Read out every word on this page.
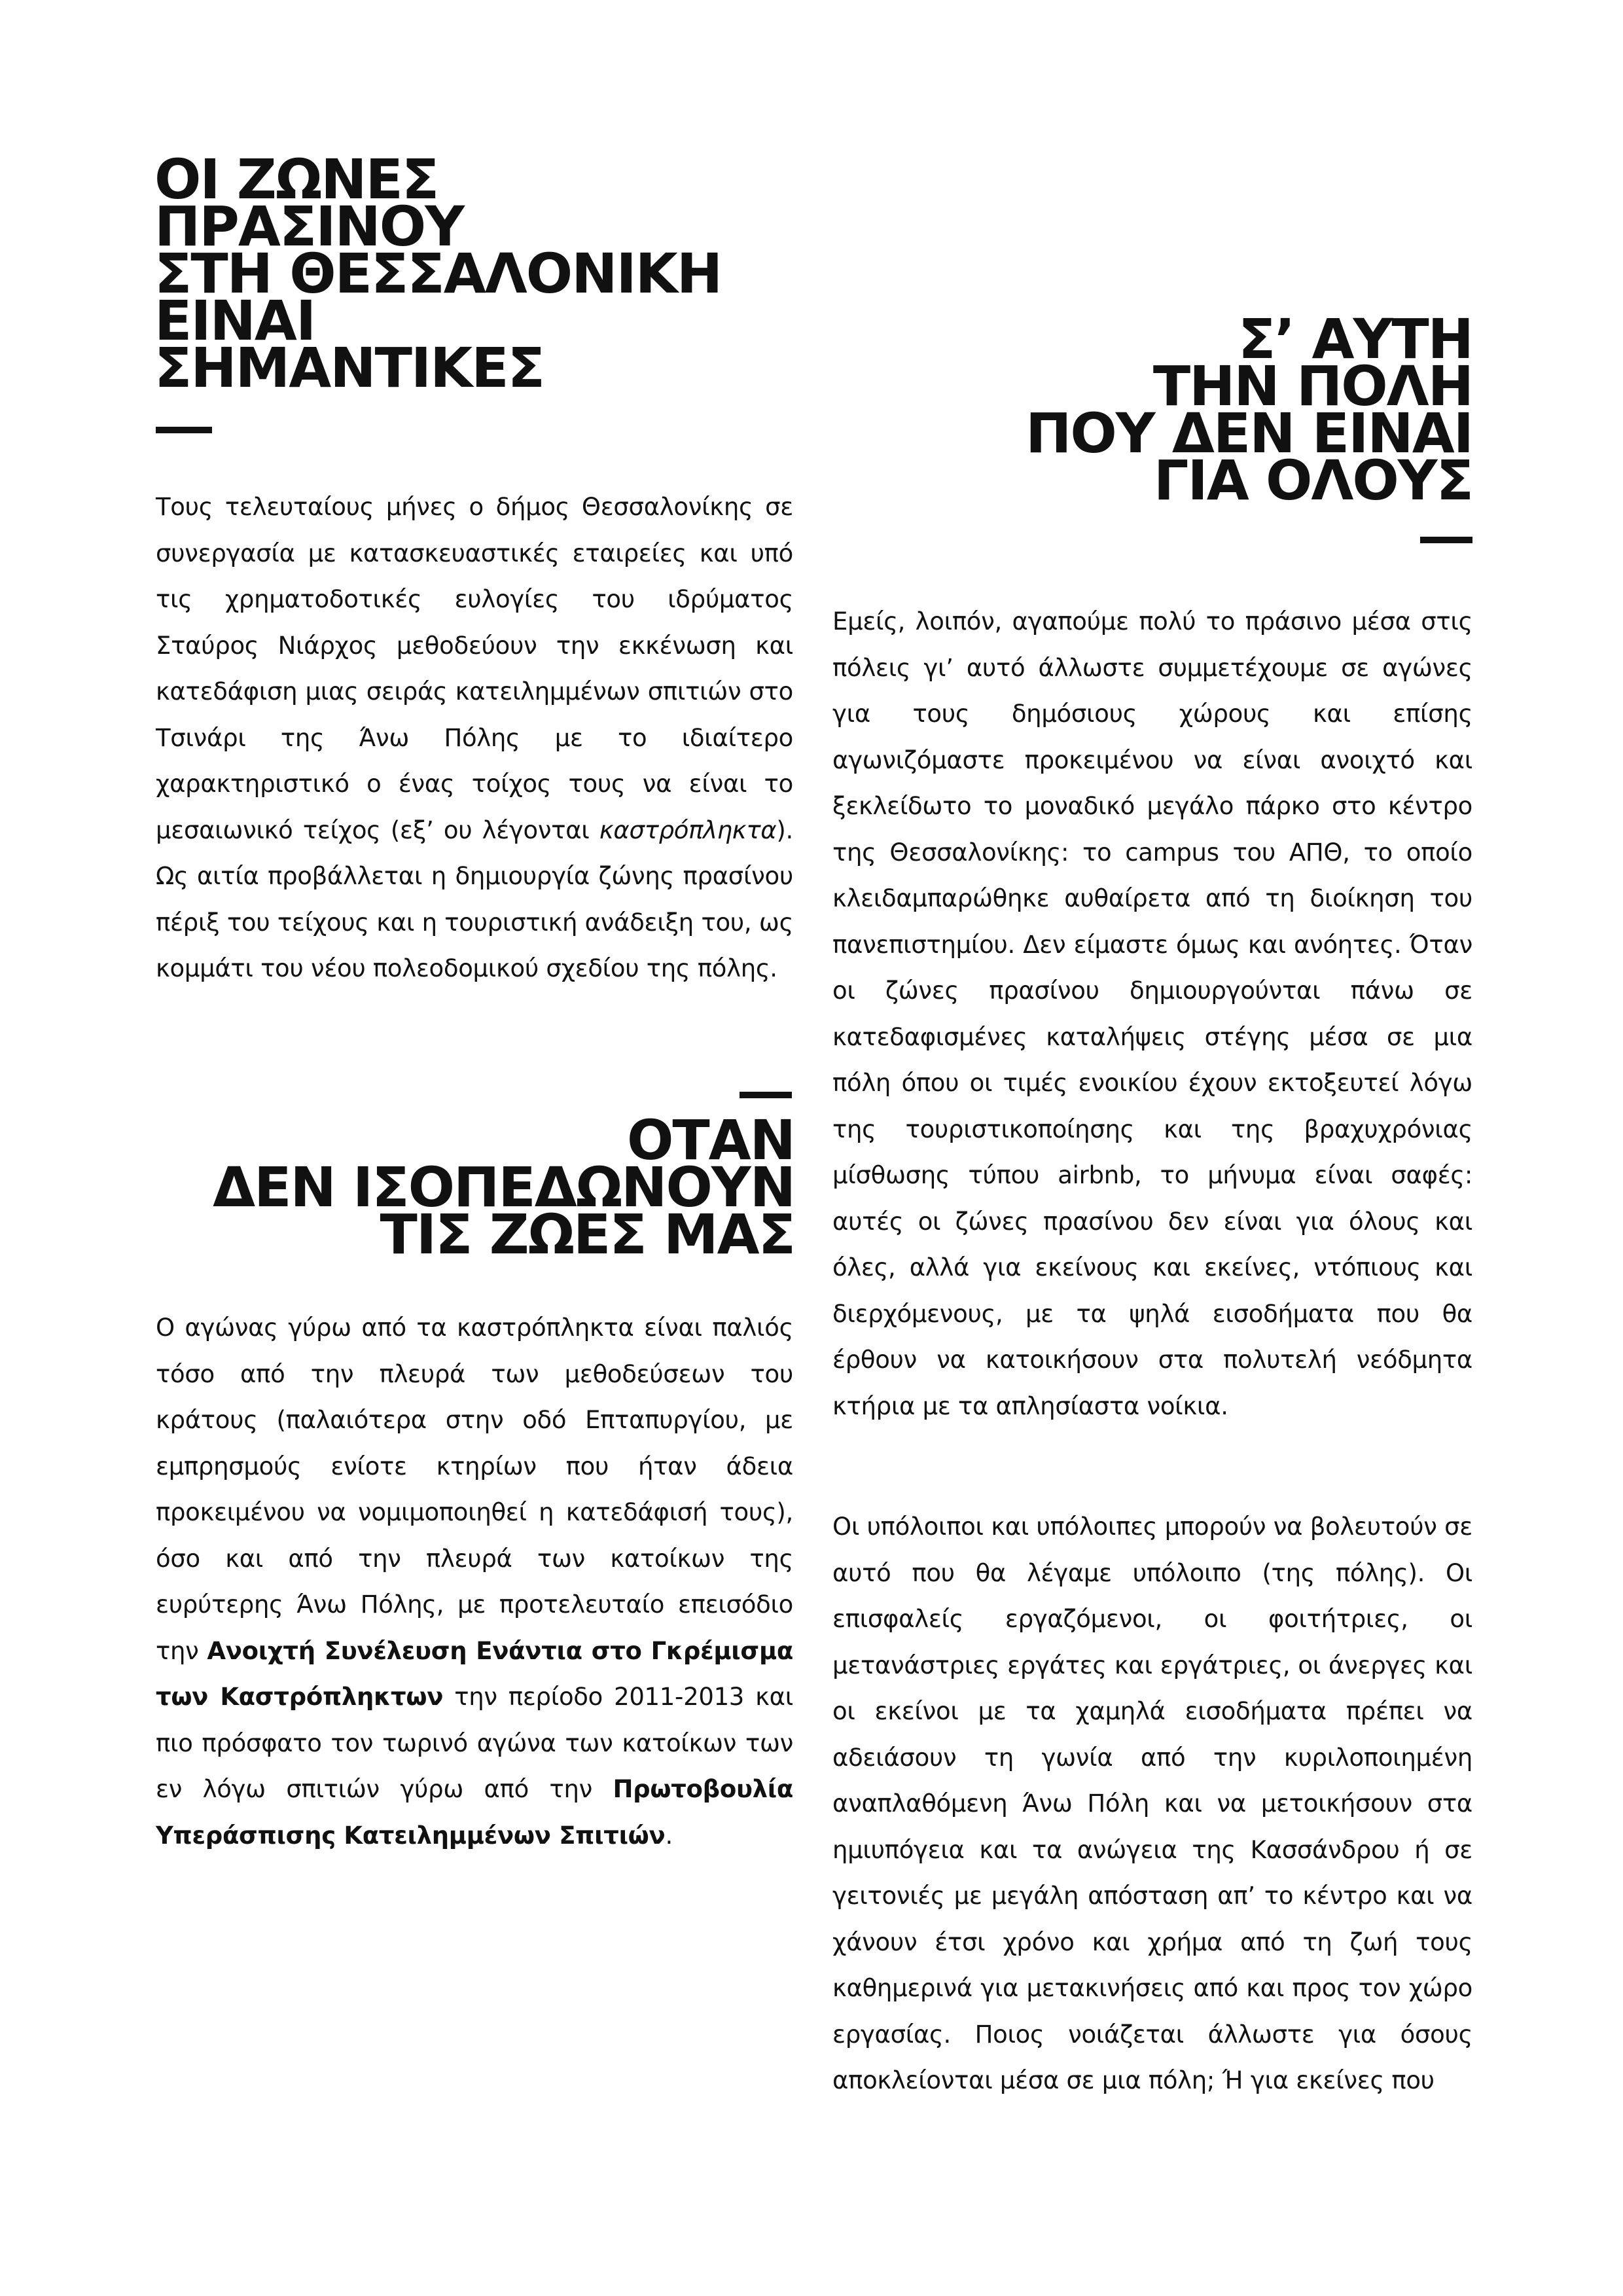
ΟΙ ΖΩΝΕΣ
ΠΡΑΣΙΝΟΥ
ΣΤΗ ΘΕΣΣΑΛΟΝΙΚΗ
ΕΙΝΑΙ
ΣΗΜΑΝΤΙΚΕΣ

Τους τελευταίους μήνες ο δήμος Θεσσαλονίκης σε συνεργασία με κατασκευαστικές εταιρείες και υπό τις χρηματοδοτικές ευλογίες του ιδρύματος Σταύρος Νιάρχος μεθοδεύουν την εκκένωση και κατεδάφιση μιας σειράς κατειλημμένων σπιτιών στο Τσινάρι της Άνω Πόλης με το ιδιαίτερο χαρακτηριστικό ο ένας τοίχος τους να είναι το μεσαιωνικό τείχος (εξ’ ου λέγονται καστρόπληκτα). Ως αιτία προβάλλεται η δημιουργία ζώνης πρασίνου πέριξ του τείχους και η τουριστική ανάδειξη του, ως κομμάτι του νέου πολεοδομικού σχεδίου της πόλης.

ΟΤΑΝ
ΔΕΝ ΙΣΟΠΕΔΩΝΟΥΝ
ΤΙΣ ΖΩΕΣ ΜΑΣ

Ο αγώνας γύρω από τα καστρόπληκτα είναι παλιός τόσο από την πλευρά των μεθοδεύσεων του κράτους (παλαιότερα στην οδό Επταπυργίου, με εμπρησμούς ενίοτε κτηρίων που ήταν άδεια προκειμένου να νομιμοποιηθεί η κατεδάφισή τους), όσο και από την πλευρά των κατοίκων της ευρύτερης Άνω Πόλης, με προτελευταίο επεισόδιο την Ανοιχτή Συνέλευση Ενάντια στο Γκρέμισμα των Καστρόπληκτων την περίοδο 2011-2013 και πιο πρόσφατο τον τωρινό αγώνα των κατοίκων των εν λόγω σπιτιών γύρω από την Πρωτοβουλία Υπεράσπισης Κατειλημμένων Σπιτιών.

Σ’ ΑΥΤΗ
ΤΗΝ ΠΟΛΗ
ΠΟΥ ΔΕΝ ΕΙΝΑΙ
ΓΙΑ ΟΛΟΥΣ

Εμείς, λοιπόν, αγαπούμε πολύ το πράσινο μέσα στις πόλεις γι’ αυτό άλλωστε συμμετέχουμε σε αγώνες για τους δημόσιους χώρους και επίσης αγωνιζόμαστε προκειμένου να είναι ανοιχτό και ξεκλείδωτο το μοναδικό μεγάλο πάρκο στο κέντρο της Θεσσαλονίκης: το campus του ΑΠΘ, το οποίο κλειδαμπαρώθηκε αυθαίρετα από τη διοίκηση του πανεπιστημίου. Δεν είμαστε όμως και ανόητες. Όταν οι ζώνες πρασίνου δημιουργούνται πάνω σε κατεδαφισμένες καταλήψεις στέγης μέσα σε μια πόλη όπου οι τιμές ενοικίου έχουν εκτοξευτεί λόγω της τουριστικοποίησης και της βραχυχρόνιας μίσθωσης τύπου airbnb, το μήνυμα είναι σαφές: αυτές οι ζώνες πρασίνου δεν είναι για όλους και όλες, αλλά για εκείνους και εκείνες, ντόπιους και διερχόμενους, με τα ψηλά εισοδήματα που θα έρθουν να κατοικήσουν στα πολυτελή νεόδμητα κτήρια με τα απλησίαστα νοίκια.

Οι υπόλοιποι και υπόλοιπες μπορούν να βολευτούν σε αυτό που θα λέγαμε υπόλοιπο (της πόλης). Οι επισφαλείς εργαζόμενοι, οι φοιτήτριες, οι μετανάστριες εργάτες και εργάτριες, οι άνεργες και οι εκείνοι με τα χαμηλά εισοδήματα πρέπει να αδειάσουν τη γωνία από την κυριλοποιημένη αναπλαθόμενη Άνω Πόλη και να μετοικήσουν στα ημιυπόγεια και τα ανώγεια της Κασσάνδρου ή σε γειτονιές με μεγάλη απόσταση απ’ το κέντρο και να χάνουν έτσι χρόνο και χρήμα από τη ζωή τους καθημερινά για μετακινήσεις από και προς τον χώρο εργασίας. Ποιος νοιάζεται άλλωστε για όσους αποκλείονται μέσα σε μια πόλη; Ή για εκείνες που
